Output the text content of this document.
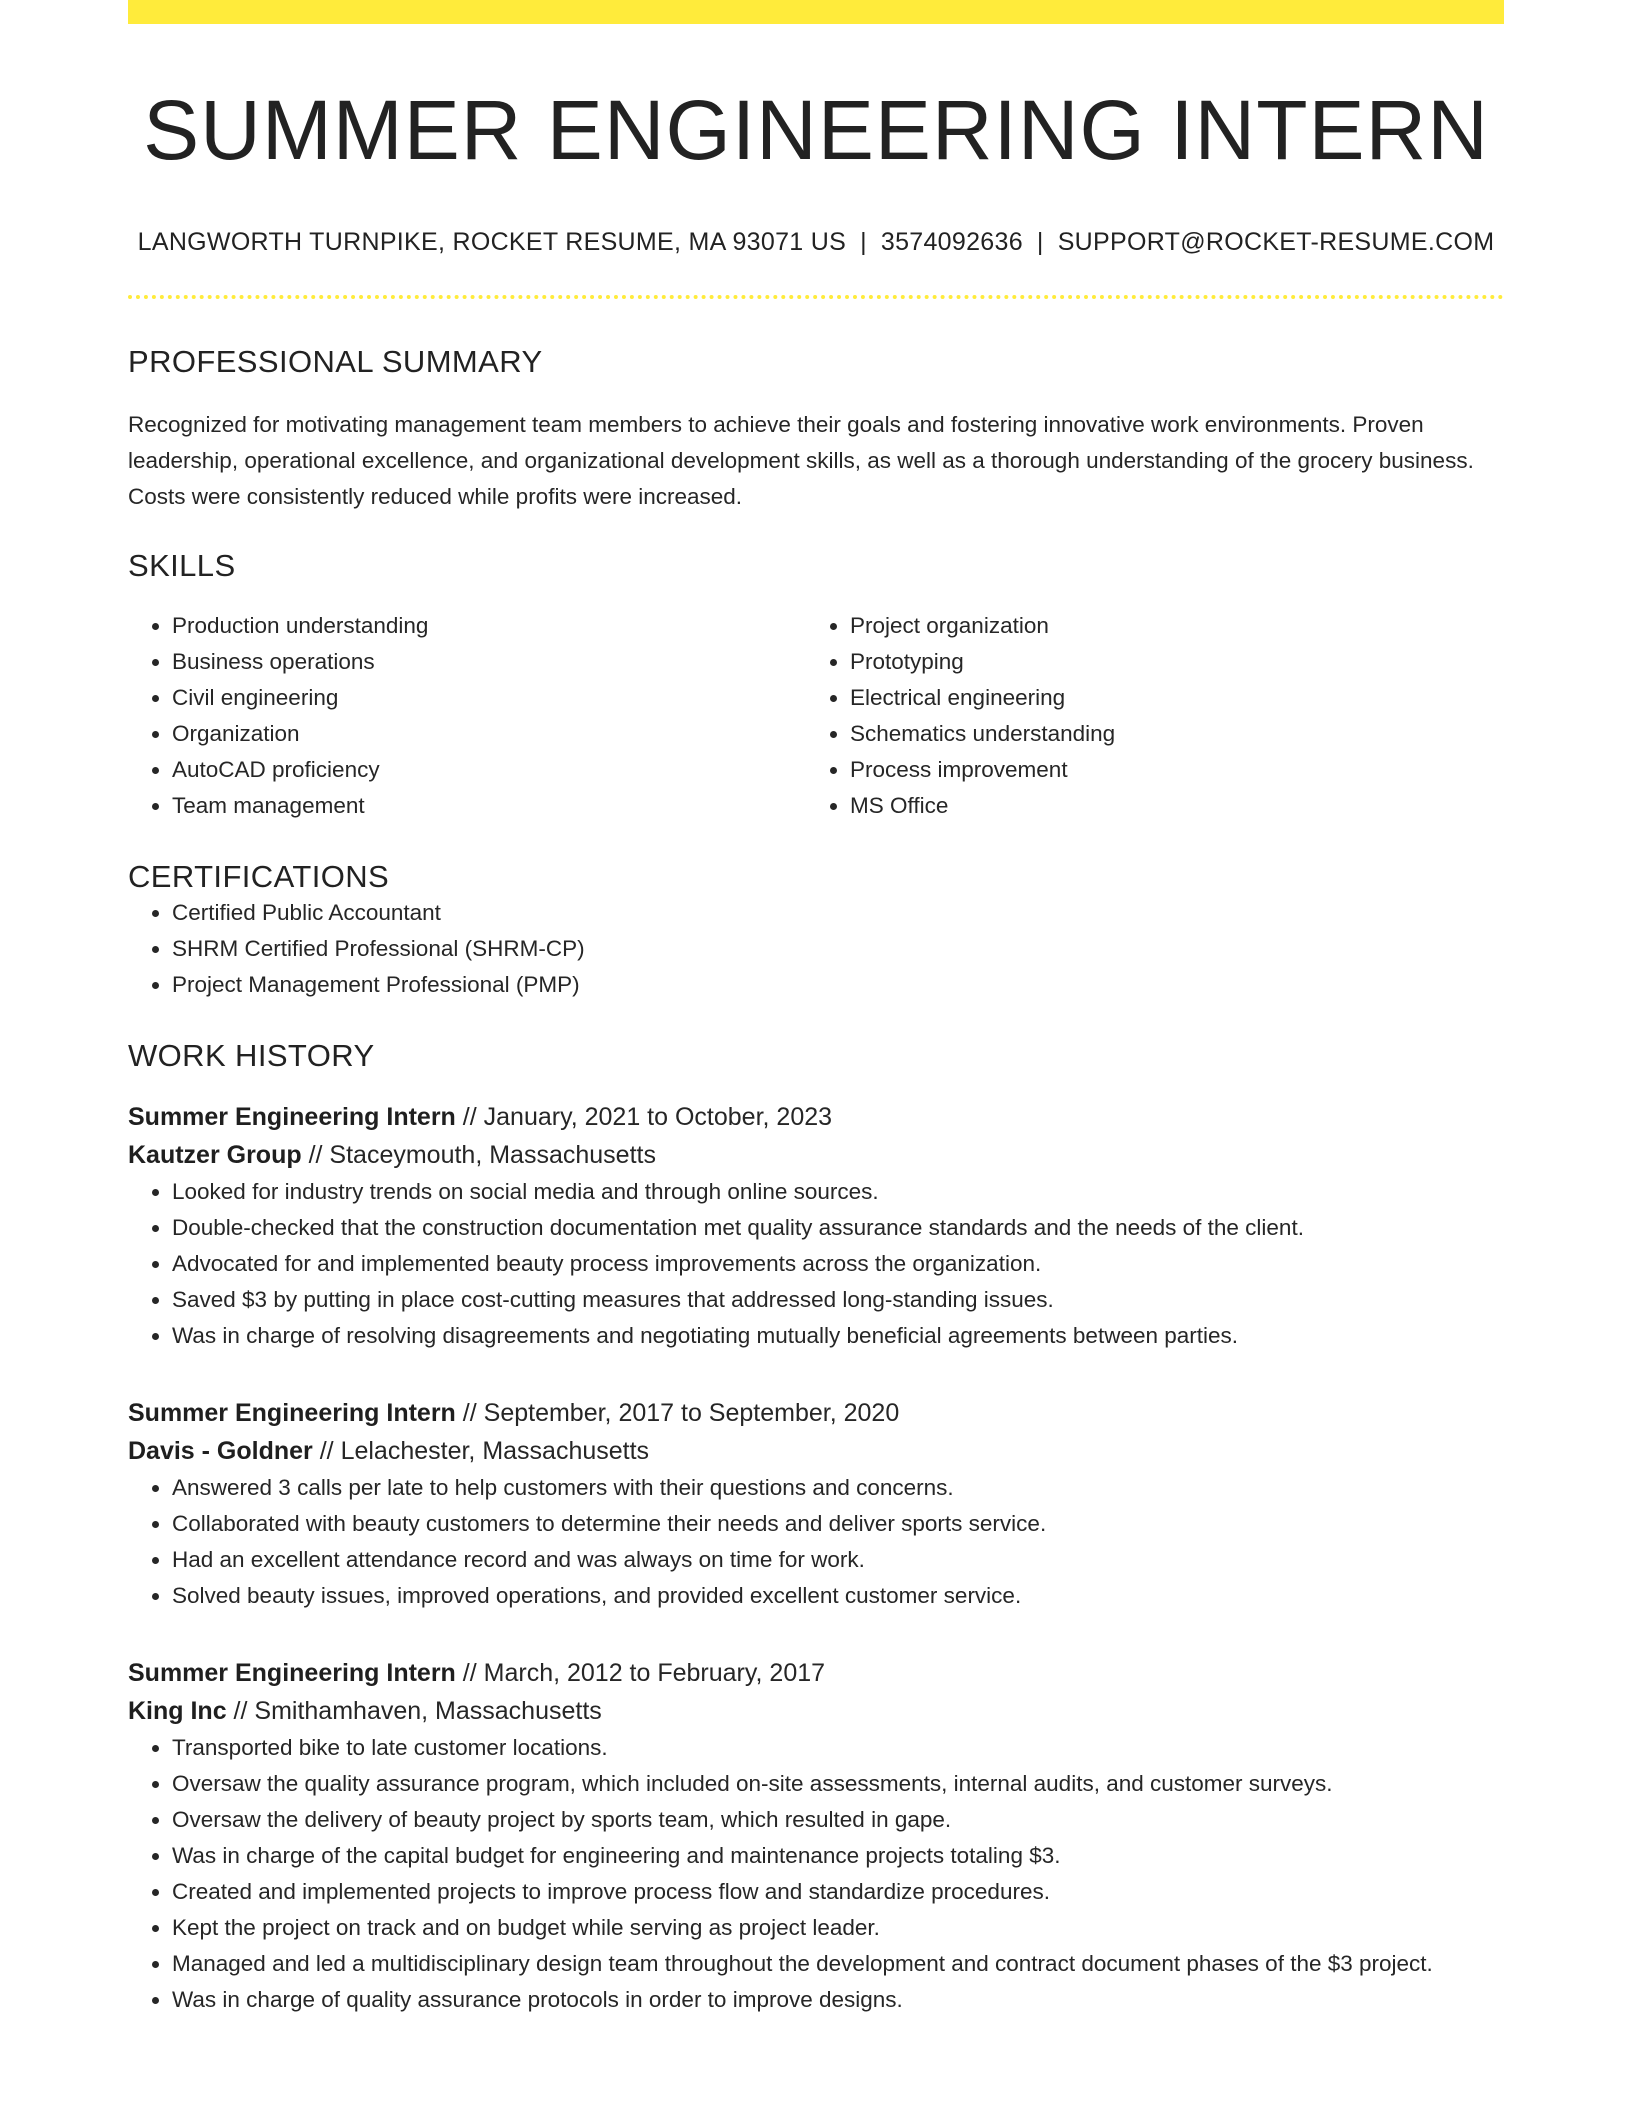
SUMMER ENGINEERING INTERN
LANGWORTH TURNPIKE, ROCKET RESUME, MA 93071 US | 3574092636 | SUPPORT@ROCKET-RESUME.COM
PROFESSIONAL SUMMARY

Recognized for motivating management team members to achieve their goals and fostering innovative work environments. Proven leadership, operational excellence, and organizational development skills, as well as a thorough understanding of the grocery business. Costs were consistently reduced while profits were increased.

SKILLS
• Production understanding
• Business operations
• Civil engineering
• Organization
• AutoCAD proficiency
• Team management
• Project organization
• Prototyping
• Electrical engineering
• Schematics understanding
• Process improvement
• MS Office
CERTIFICATIONS
• Certified Public Accountant
• SHRM Certified Professional (SHRM-CP)
• Project Management Professional (PMP)
WORK HISTORY
Summer Engineering Intern // January, 2021 to October, 2023
Kautzer Group // Staceymouth, Massachusetts
• Looked for industry trends on social media and through online sources.
• Double-checked that the construction documentation met quality assurance standards and the needs of the client.
• Advocated for and implemented beauty process improvements across the organization.
• Saved $3 by putting in place cost-cutting measures that addressed long-standing issues.
• Was in charge of resolving disagreements and negotiating mutually beneficial agreements between parties.
Summer Engineering Intern // September, 2017 to September, 2020
Davis - Goldner // Lelachester, Massachusetts
• Answered 3 calls per late to help customers with their questions and concerns.
• Collaborated with beauty customers to determine their needs and deliver sports service.
• Had an excellent attendance record and was always on time for work.
• Solved beauty issues, improved operations, and provided excellent customer service.
Summer Engineering Intern // March, 2012 to February, 2017
King Inc // Smithamhaven, Massachusetts
• Transported bike to late customer locations.
• Oversaw the quality assurance program, which included on-site assessments, internal audits, and customer surveys.
• Oversaw the delivery of beauty project by sports team, which resulted in gape.
• Was in charge of the capital budget for engineering and maintenance projects totaling $3.
• Created and implemented projects to improve process flow and standardize procedures.
• Kept the project on track and on budget while serving as project leader.
• Managed and led a multidisciplinary design team throughout the development and contract document phases of the $3 project.
• Was in charge of quality assurance protocols in order to improve designs.
